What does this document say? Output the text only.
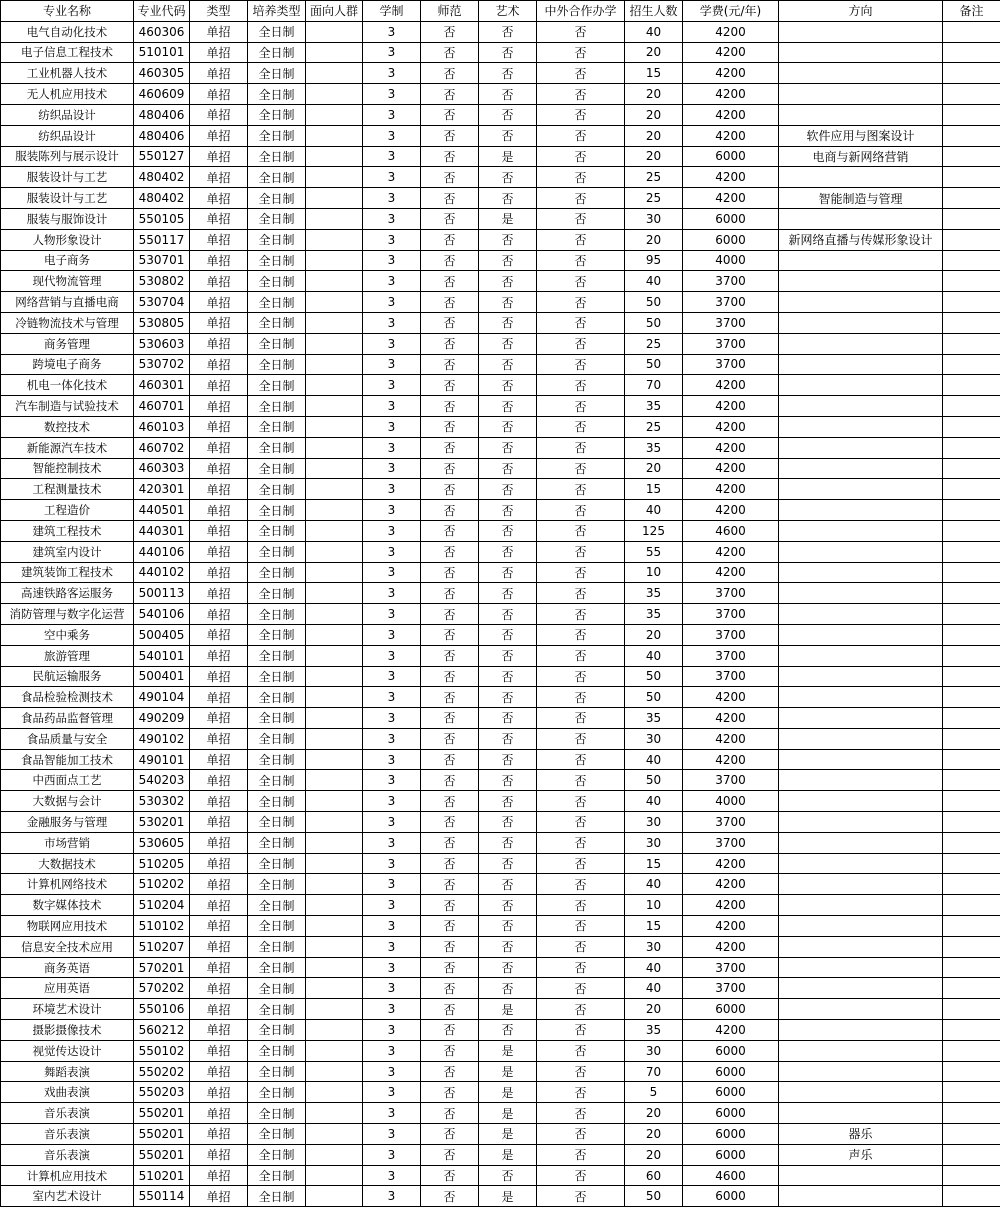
专业名称	专业代码	类型	培养类型	面向人群	学制	师范	艺术	中外合作办学	招生人数	学费(元/年)	方向	备注
电气自动化技术	460306	单招	全日制		3	否	否	否	40	4200		
电子信息工程技术	510101	单招	全日制		3	否	否	否	20	4200		
工业机器人技术	460305	单招	全日制		3	否	否	否	15	4200		
无人机应用技术	460609	单招	全日制		3	否	否	否	20	4200		
纺织品设计	480406	单招	全日制		3	否	否	否	20	4200		
纺织品设计	480406	单招	全日制		3	否	否	否	20	4200	软件应用与图案设计	
服装陈列与展示设计	550127	单招	全日制		3	否	是	否	20	6000	电商与新网络营销	
服装设计与工艺	480402	单招	全日制		3	否	否	否	25	4200		
服装设计与工艺	480402	单招	全日制		3	否	否	否	25	4200	智能制造与管理	
服装与服饰设计	550105	单招	全日制		3	否	是	否	30	6000		
人物形象设计	550117	单招	全日制		3	否	否	否	20	6000	新网络直播与传媒形象设计	
电子商务	530701	单招	全日制		3	否	否	否	95	4000		
现代物流管理	530802	单招	全日制		3	否	否	否	40	3700		
网络营销与直播电商	530704	单招	全日制		3	否	否	否	50	3700		
冷链物流技术与管理	530805	单招	全日制		3	否	否	否	50	3700		
商务管理	530603	单招	全日制		3	否	否	否	25	3700		
跨境电子商务	530702	单招	全日制		3	否	否	否	50	3700		
机电一体化技术	460301	单招	全日制		3	否	否	否	70	4200		
汽车制造与试验技术	460701	单招	全日制		3	否	否	否	35	4200		
数控技术	460103	单招	全日制		3	否	否	否	25	4200		
新能源汽车技术	460702	单招	全日制		3	否	否	否	35	4200		
智能控制技术	460303	单招	全日制		3	否	否	否	20	4200		
工程测量技术	420301	单招	全日制		3	否	否	否	15	4200		
工程造价	440501	单招	全日制		3	否	否	否	40	4200		
建筑工程技术	440301	单招	全日制		3	否	否	否	125	4600		
建筑室内设计	440106	单招	全日制		3	否	否	否	55	4200		
建筑装饰工程技术	440102	单招	全日制		3	否	否	否	10	4200		
高速铁路客运服务	500113	单招	全日制		3	否	否	否	35	3700		
消防管理与数字化运营	540106	单招	全日制		3	否	否	否	35	3700		
空中乘务	500405	单招	全日制		3	否	否	否	20	3700		
旅游管理	540101	单招	全日制		3	否	否	否	40	3700		
民航运输服务	500401	单招	全日制		3	否	否	否	50	3700		
食品检验检测技术	490104	单招	全日制		3	否	否	否	50	4200		
食品药品监督管理	490209	单招	全日制		3	否	否	否	35	4200		
食品质量与安全	490102	单招	全日制		3	否	否	否	30	4200		
食品智能加工技术	490101	单招	全日制		3	否	否	否	40	4200		
中西面点工艺	540203	单招	全日制		3	否	否	否	50	3700		
大数据与会计	530302	单招	全日制		3	否	否	否	40	4000		
金融服务与管理	530201	单招	全日制		3	否	否	否	30	3700		
市场营销	530605	单招	全日制		3	否	否	否	30	3700		
大数据技术	510205	单招	全日制		3	否	否	否	15	4200		
计算机网络技术	510202	单招	全日制		3	否	否	否	40	4200		
数字媒体技术	510204	单招	全日制		3	否	否	否	10	4200		
物联网应用技术	510102	单招	全日制		3	否	否	否	15	4200		
信息安全技术应用	510207	单招	全日制		3	否	否	否	30	4200		
商务英语	570201	单招	全日制		3	否	否	否	40	3700		
应用英语	570202	单招	全日制		3	否	否	否	40	3700		
环境艺术设计	550106	单招	全日制		3	否	是	否	20	6000		
摄影摄像技术	560212	单招	全日制		3	否	否	否	35	4200		
视觉传达设计	550102	单招	全日制		3	否	是	否	30	6000		
舞蹈表演	550202	单招	全日制		3	否	是	否	70	6000		
戏曲表演	550203	单招	全日制		3	否	是	否	5	6000		
音乐表演	550201	单招	全日制		3	否	是	否	20	6000		
音乐表演	550201	单招	全日制		3	否	是	否	20	6000	器乐	
音乐表演	550201	单招	全日制		3	否	是	否	20	6000	声乐	
计算机应用技术	510201	单招	全日制		3	否	否	否	60	4600		
室内艺术设计	550114	单招	全日制		3	否	是	否	50	6000		
